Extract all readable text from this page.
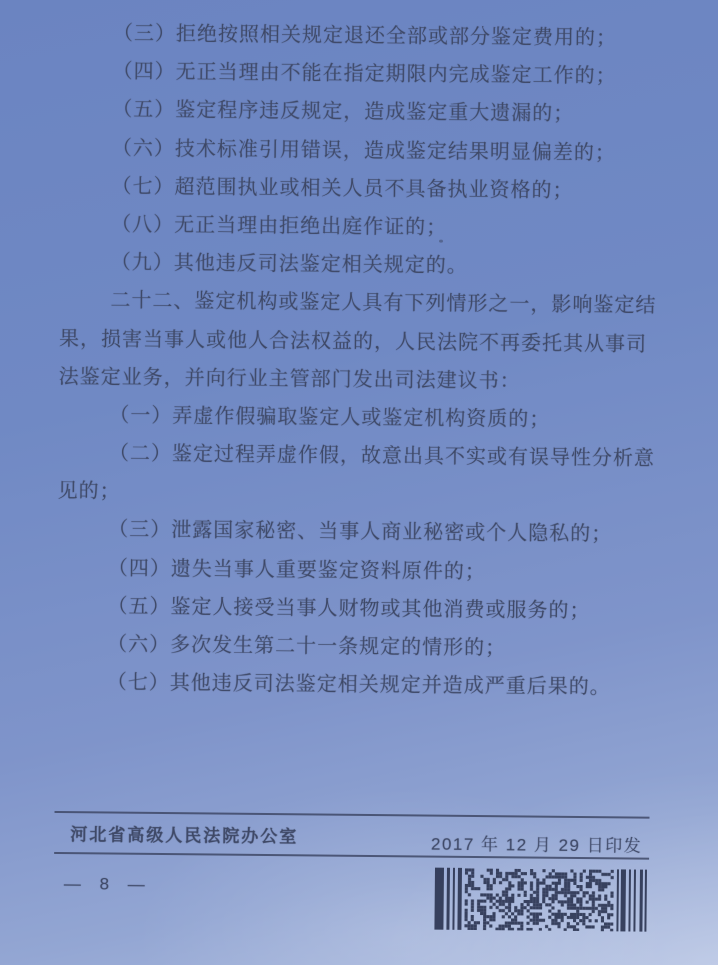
（三）拒绝按照相关规定退还全部或部分鉴定费用的；
（四）无正当理由不能在指定期限内完成鉴定工作的；
（五）鉴定程序违反规定，造成鉴定重大遗漏的；
（六）技术标准引用错误，造成鉴定结果明显偏差的；
（七）超范围执业或相关人员不具备执业资格的；
（八）无正当理由拒绝出庭作证的；
（九）其他违反司法鉴定相关规定的。
二十二、鉴定机构或鉴定人具有下列情形之一，影响鉴定结
果，损害当事人或他人合法权益的，人民法院不再委托其从事司
法鉴定业务，并向行业主管部门发出司法建议书：
（一）弄虚作假骗取鉴定人或鉴定机构资质的；
（二）鉴定过程弄虚作假，故意出具不实或有误导性分析意
见的；
（三）泄露国家秘密、当事人商业秘密或个人隐私的；
（四）遗失当事人重要鉴定资料原件的；
（五）鉴定人接受当事人财物或其他消费或服务的；
（六）多次发生第二十一条规定的情形的；
（七）其他违反司法鉴定相关规定并造成严重后果的。
河北省高级人民法院办公室	2017 年 12 月 29 日印发
— 8 —
